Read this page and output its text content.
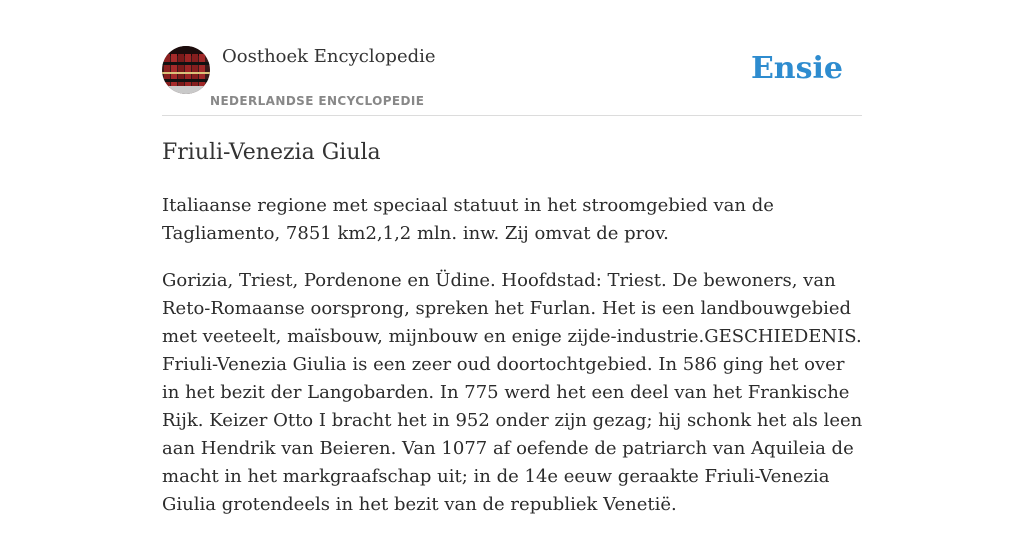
Oosthoek Encyclopedie
NEDERLANDSE ENCYCLOPEDIE
Ensie
Friuli-Venezia Giula

Italiaanse regione met speciaal statuut in het stroomgebied van de Tagliamento, 7851 km2,1,2 mln. inw. Zij omvat de prov.

Gorizia, Triest, Pordenone en Üdine. Hoofdstad: Triest. De bewoners, van Reto-Romaanse oorsprong, spreken het Furlan. Het is een landbouwgebied met veeteelt, maïsbouw, mijnbouw en enige zijde-industrie.GESCHIEDENIS. Friuli-Venezia Giulia is een zeer oud doortochtgebied. In 586 ging het over in het bezit der Langobarden. In 775 werd het een deel van het Frankische Rijk. Keizer Otto I bracht het in 952 onder zijn gezag; hij schonk het als leen aan Hendrik van Beieren. Van 1077 af oefende de patriarch van Aquileia de macht in het markgraafschap uit; in de 14e eeuw geraakte Friuli-Venezia Giulia grotendeels in het bezit van de republiek Venetië.
